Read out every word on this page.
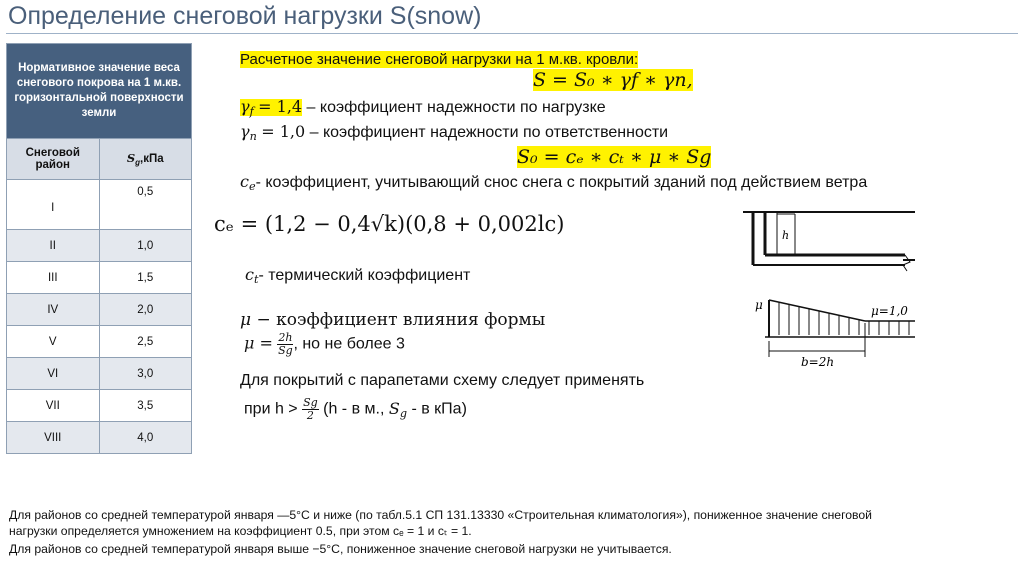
Определение снеговой нагрузки S(snow)
Нормативное значение веса снегового покрова на 1 м.кв. горизонтальной поверхности земли	
Снеговой район	$S_g,кПа$
I	0,5
II	1,0
III	1,5
IV	2,0
V	2,5
VI	3,0
VII	3,5
VIII	4,0
Расчетное значение снеговой нагрузки на 1 м.кв. кровли:
S = S₀ ∗ γf ∗ γn,
$\gamma_f = 1,4$ – коэффициент надежности по нагрузке
$\gamma_n = 1,0$ – коэффициент надежности по ответственности
S₀ = cₑ ∗ cₜ ∗ μ ∗ Sg
$c_e-$ коэффициент, учитывающий снос снега с покрытий зданий под действием ветра
cₑ = (1,2 − 0,4√k)(0,8 + 0,002lc)
$c_t-$ термический коэффициент
μ − коэффициент влияния формы
$\mu = \frac{2h}{Sg}$ , но не более 3
Для покрытий с парапетами схему следует применять
при $h > \frac{Sg}{2} (h - в$ м., $S_g$ - в кПа)
h
μ	μ=1,0
b=2h
Для районов со средней температурой января —5°С и ниже (по табл.5.1 СП 131.13330 «Строительная климатология»), пониженное значение снеговой
нагрузки определяется умножением на коэффициент 0.5, при этом cₑ = 1 и cₜ = 1.
Для районов со средней температурой января выше −5°С, пониженное значение снеговой нагрузки не учитывается.
